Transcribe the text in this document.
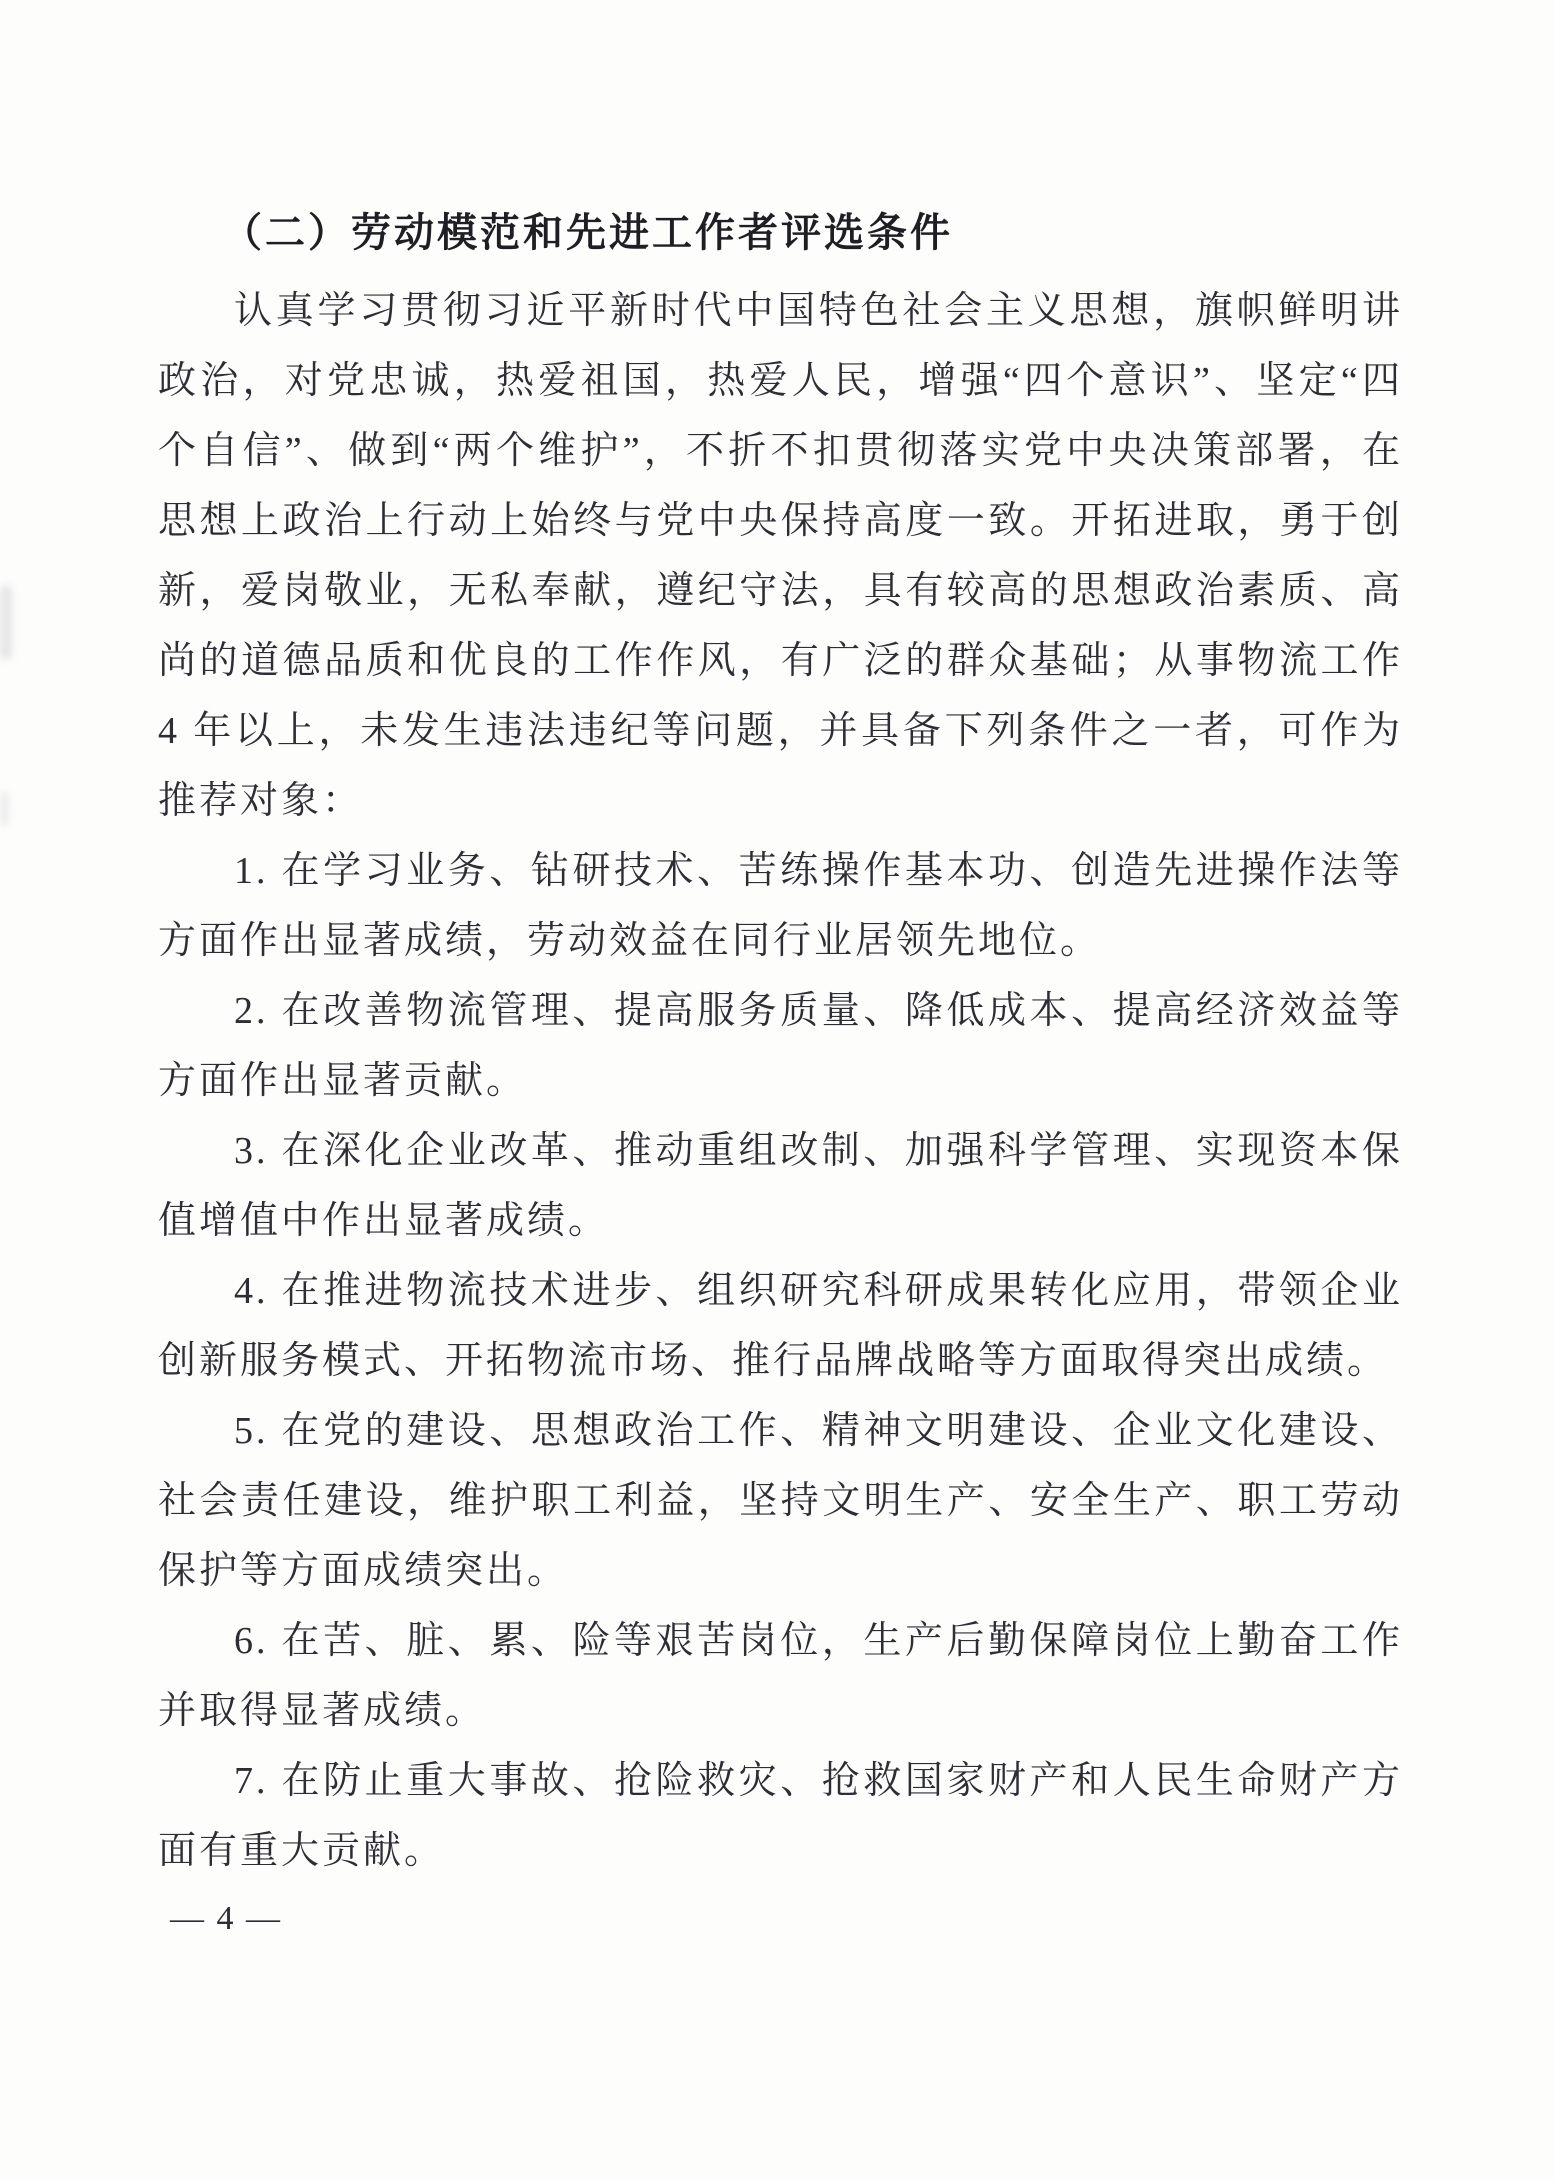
（二）劳动模范和先进工作者评选条件

认真学习贯彻习近平新时代中国特色社会主义思想，旗帜鲜明讲政治，对党忠诚，热爱祖国，热爱人民，增强“四个意识”、坚定“四个自信”、做到“两个维护”，不折不扣贯彻落实党中央决策部署，在思想上政治上行动上始终与党中央保持高度一致。开拓进取，勇于创新，爱岗敬业，无私奉献，遵纪守法，具有较高的思想政治素质、高尚的道德品质和优良的工作作风，有广泛的群众基础；从事物流工作 4 年以上，未发生违法违纪等问题，并具备下列条件之一者，可作为推荐对象：

1. 在学习业务、钻研技术、苦练操作基本功、创造先进操作法等方面作出显著成绩，劳动效益在同行业居领先地位。

2. 在改善物流管理、提高服务质量、降低成本、提高经济效益等方面作出显著贡献。

3. 在深化企业改革、推动重组改制、加强科学管理、实现资本保值增值中作出显著成绩。

4. 在推进物流技术进步、组织研究科研成果转化应用，带领企业创新服务模式、开拓物流市场、推行品牌战略等方面取得突出成绩。

5. 在党的建设、思想政治工作、精神文明建设、企业文化建设、社会责任建设，维护职工利益，坚持文明生产、安全生产、职工劳动保护等方面成绩突出。

6. 在苦、脏、累、险等艰苦岗位，生产后勤保障岗位上勤奋工作并取得显著成绩。

7. 在防止重大事故、抢险救灾、抢救国家财产和人民生命财产方面有重大贡献。

— 4 —
